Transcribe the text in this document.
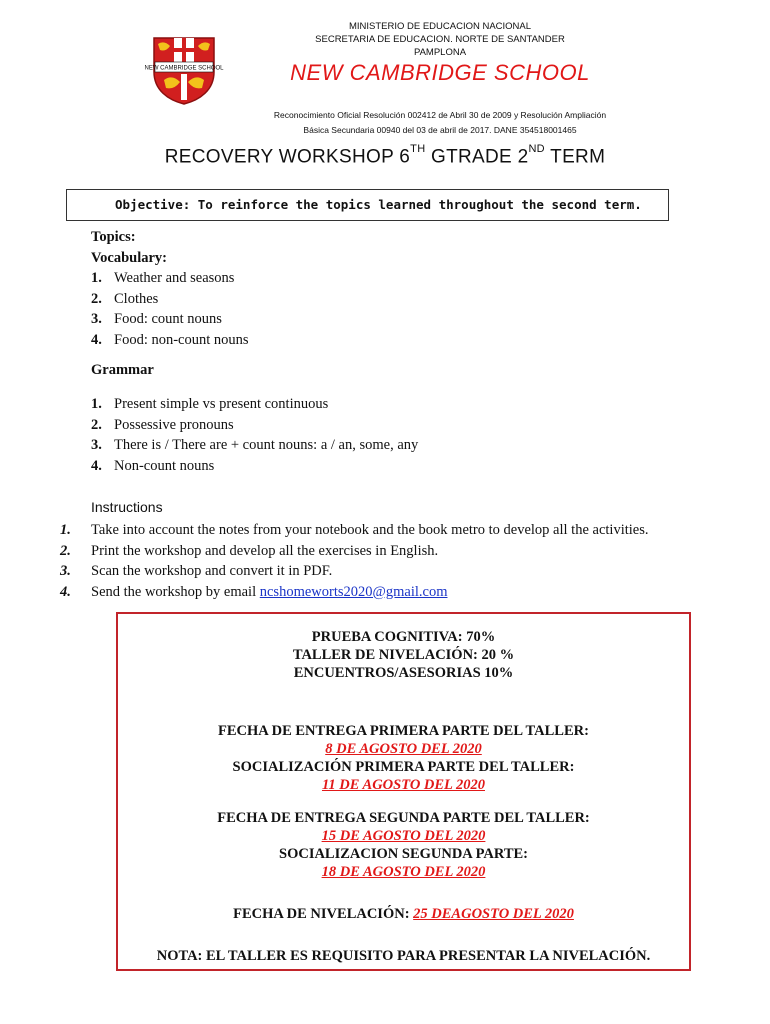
NEW CAMBRIDGE SCHOOL
MINISTERIO DE EDUCACION NACIONAL
SECRETARIA DE EDUCACION. NORTE DE SANTANDER
PAMPLONA
NEW CAMBRIDGE SCHOOL
Reconocimiento Oficial Resolución 002412 de Abril 30 de 2009 y Resolución Ampliación
Básica Secundaria 00940 del 03 de abril de 2017. DANE 354518001465
RECOVERY WORKSHOP 6TH GTRADE 2ND TERM
Objective: To reinforce the topics learned throughout the second term.
Topics:
Vocabulary:
1. Weather and seasons
2. Clothes
3. Food: count nouns
4. Food: non-count nouns
Grammar
1. Present simple vs present continuous
2. Possessive pronouns
3. There is / There are + count nouns: a / an, some, any
4. Non-count nouns
Instructions
1.	Take into account the notes from your notebook and the book metro to develop all the activities.
2.	Print the workshop and develop all the exercises in English.
3.	Scan the workshop and convert it in PDF.
4.	Send the workshop by email ncshomeworts2020@gmail.com
PRUEBA COGNITIVA: 70%
TALLER DE NIVELACIÓN: 20 %
ENCUENTROS/ASESORIAS 10%
FECHA DE ENTREGA PRIMERA PARTE DEL TALLER:
8 DE AGOSTO DEL 2020
SOCIALIZACIÓN PRIMERA PARTE DEL TALLER:
11 DE AGOSTO DEL 2020
FECHA DE ENTREGA SEGUNDA PARTE DEL TALLER:
15 DE AGOSTO DEL 2020
SOCIALIZACION SEGUNDA PARTE:
18 DE AGOSTO DEL 2020
FECHA DE NIVELACIÓN: 25 DEAGOSTO DEL 2020
NOTA: EL TALLER ES REQUISITO PARA PRESENTAR LA NIVELACIÓN.
